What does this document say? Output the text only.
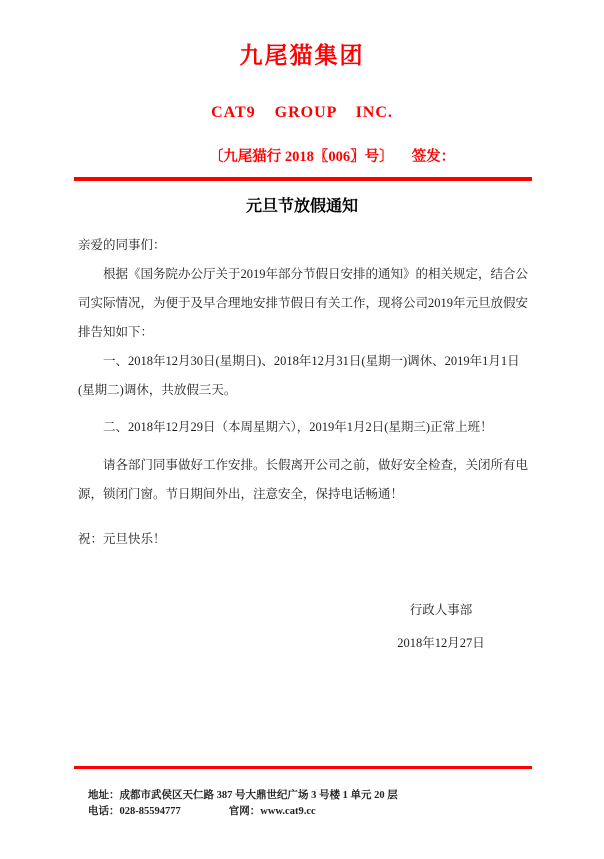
九尾猫集团
CAT9 GROUP INC.
〔九尾猫行 2018〖006〗号〕 签发：
元旦节放假通知

亲爱的同事们：

根据《国务院办公厅关于2019年部分节假日安排的通知》的相关规定，结合公司实际情况，为便于及早合理地安排节假日有关工作，现将公司2019年元旦放假安排告知如下：

一、2018年12月30日(星期日)、2018年12月31日(星期一)调休、2019年1月1日(星期二)调休，共放假三天。

二、2018年12月29日（本周星期六），2019年1月2日(星期三)正常上班！

请各部门同事做好工作安排。长假离开公司之前，做好安全检查，关闭所有电源，锁闭门窗。节日期间外出，注意安全，保持电话畅通！

祝：元旦快乐！

行政人事部
2018年12月27日
地址：成都市武侯区天仁路 387 号大鼎世纪广场 3 号楼 1 单元 20 层
电话：028-85594777	官网：www.cat9.cc
